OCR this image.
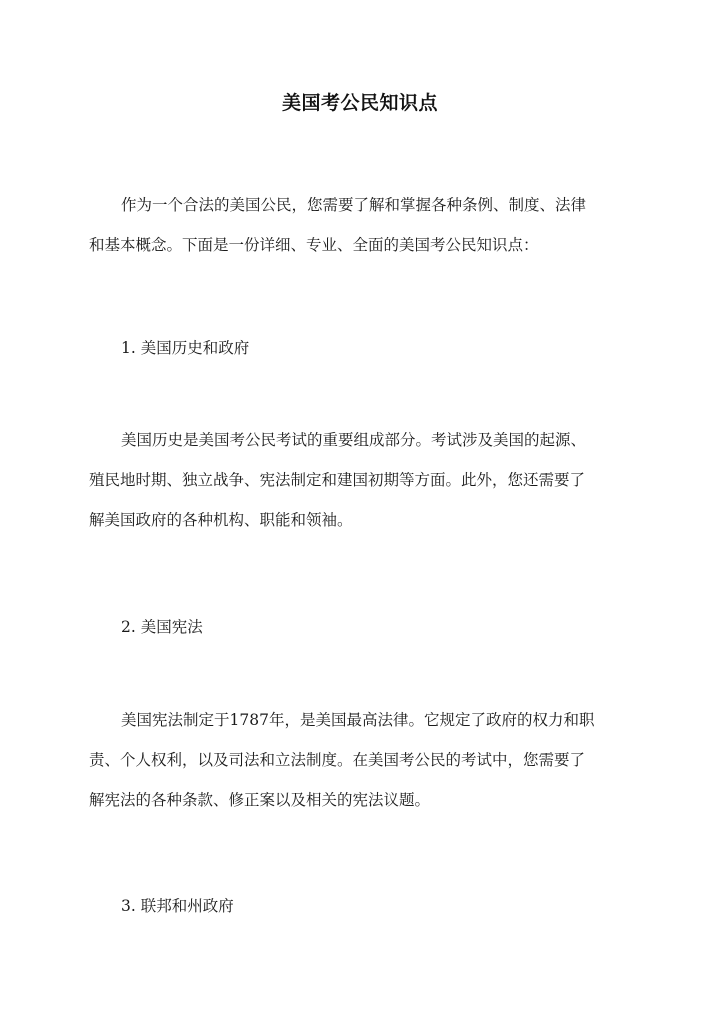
美国考公民知识点
作为一个合法的美国公民，您需要了解和掌握各种条例、制度、法律
和基本概念。下面是一份详细、专业、全面的美国考公民知识点：
1. 美国历史和政府
美国历史是美国考公民考试的重要组成部分。考试涉及美国的起源、
殖民地时期、独立战争、宪法制定和建国初期等方面。此外，您还需要了
解美国政府的各种机构、职能和领袖。
2. 美国宪法
美国宪法制定于1787年，是美国最高法律。它规定了政府的权力和职
责、个人权利，以及司法和立法制度。在美国考公民的考试中，您需要了
解宪法的各种条款、修正案以及相关的宪法议题。
3. 联邦和州政府
